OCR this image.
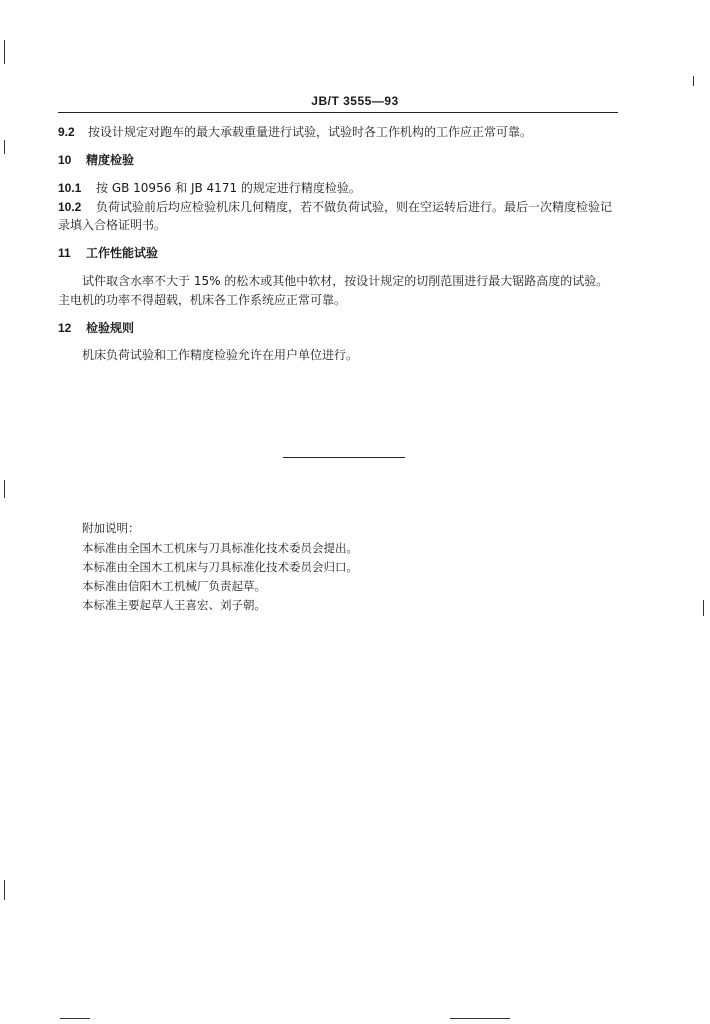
JB/T 3555—93
9.2 按设计规定对跑车的最大承载重量进行试验，试验时各工作机构的工作应正常可靠。
10 精度检验
10.1 按 GB 10956 和 JB 4171 的规定进行精度检验。
10.2 负荷试验前后均应检验机床几何精度，若不做负荷试验，则在空运转后进行。最后一次精度检验记
录填入合格证明书。
11 工作性能试验
试件取含水率不大于 15% 的松木或其他中软材，按设计规定的切削范围进行最大锯路高度的试验。
主电机的功率不得超载，机床各工作系统应正常可靠。
12 检验规则
机床负荷试验和工作精度检验允许在用户单位进行。
附加说明：
本标准由全国木工机床与刀具标准化技术委员会提出。
本标准由全国木工机床与刀具标准化技术委员会归口。
本标准由信阳木工机械厂负责起草。
本标准主要起草人王喜宏、刘子朝。
